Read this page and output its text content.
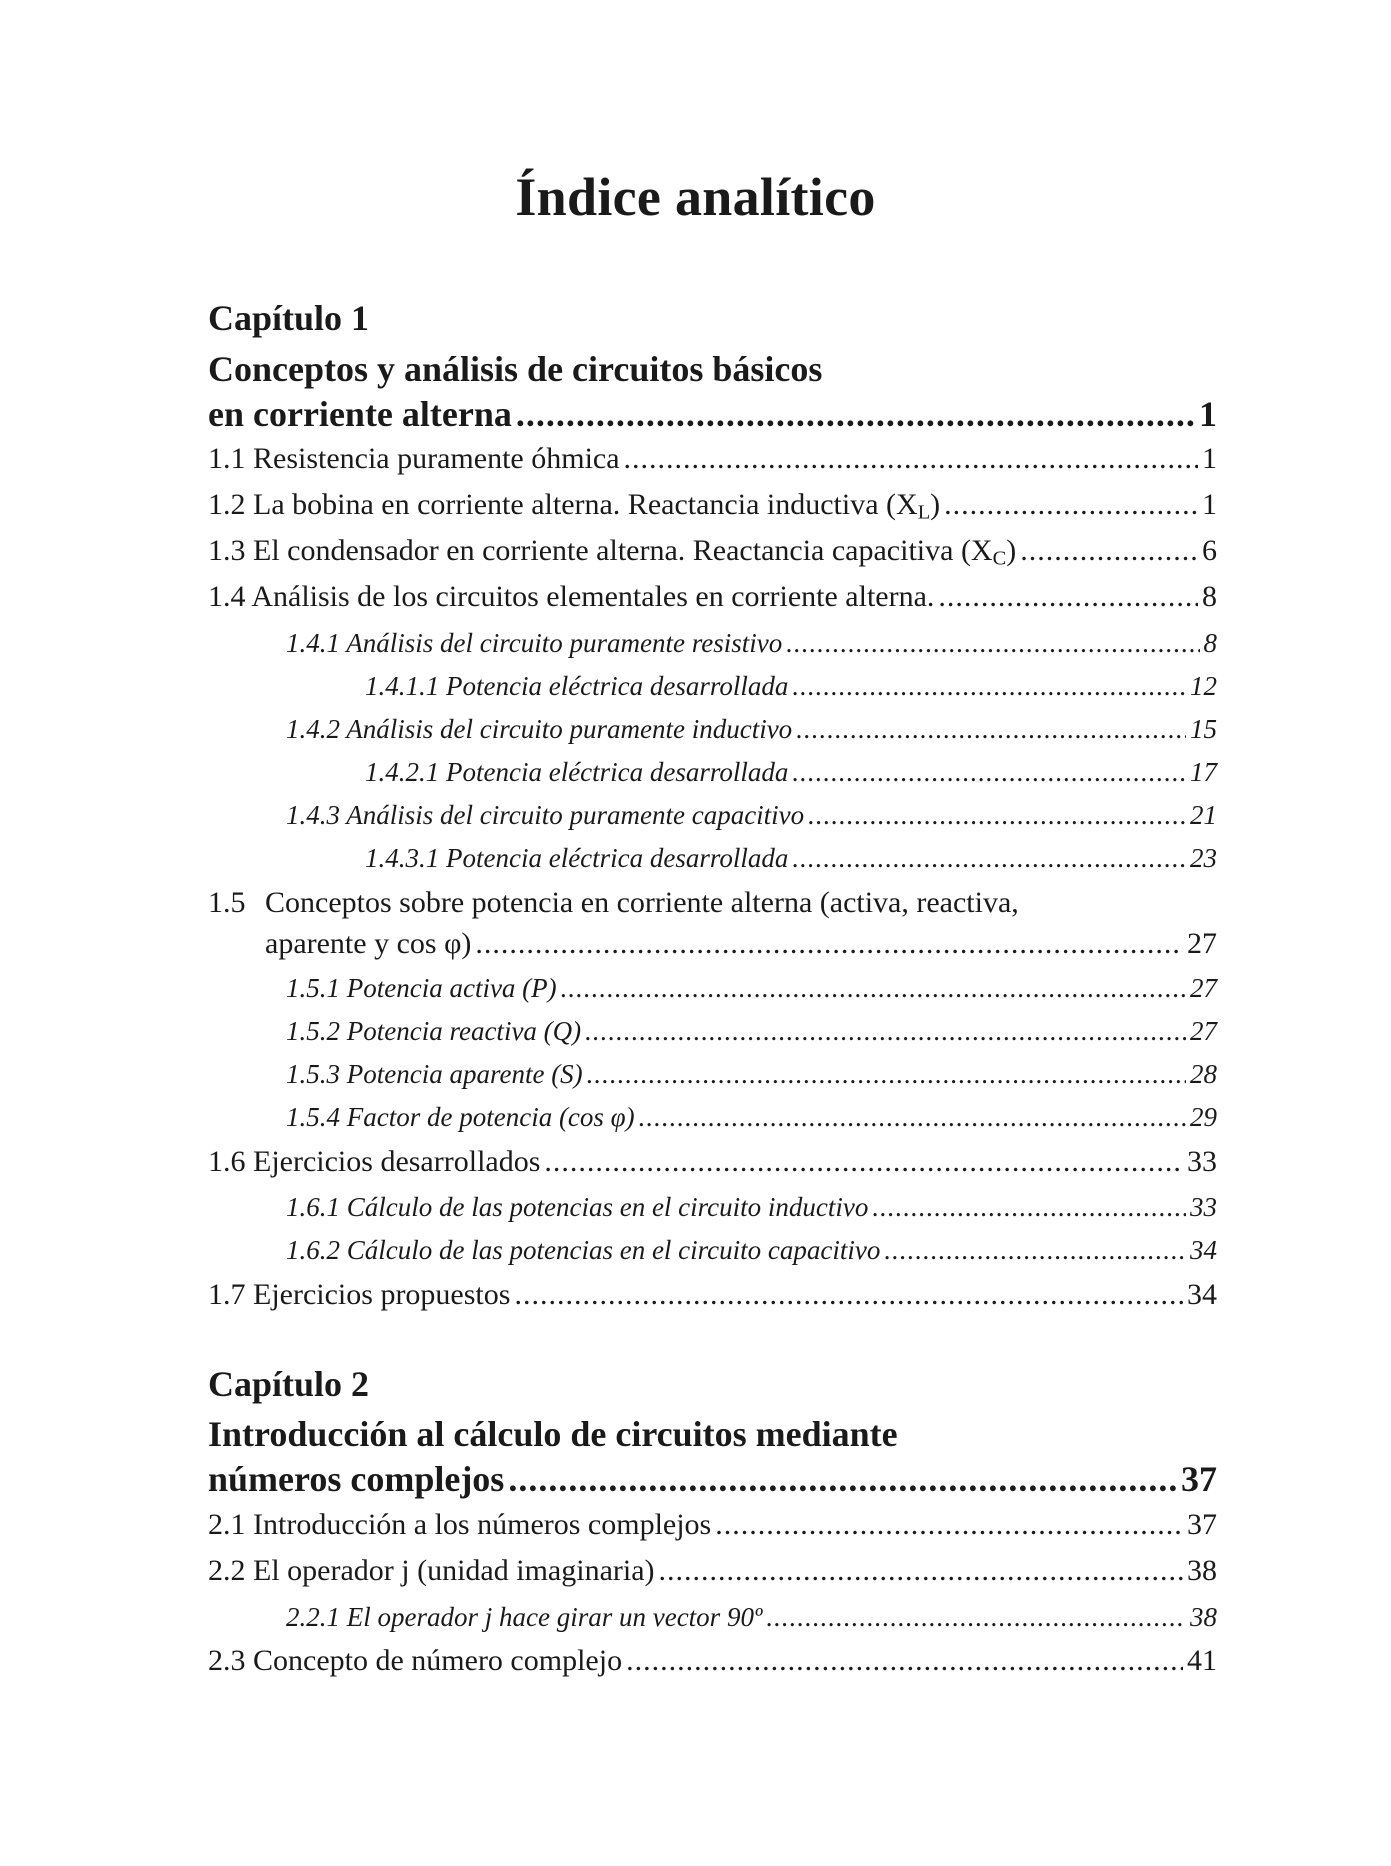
Índice analítico
Capítulo 1
Conceptos y análisis de circuitos básicos
en corriente alterna .....	1
1.1 Resistencia puramente óhmica .....	1
1.2 La bobina en corriente alterna. Reactancia inductiva $(X_L)$ .....	1
1.3 El condensador en corriente alterna. Reactancia capacitiva $(X_C)$ .....	6
1.4 Análisis de los circuitos elementales en corriente alterna. .....	8
1.4.1 Análisis del circuito puramente resistivo .....	8
1.4.1.1 Potencia eléctrica desarrollada .....	12
1.4.2 Análisis del circuito puramente inductivo .....	15
1.4.2.1 Potencia eléctrica desarrollada .....	17
1.4.3 Análisis del circuito puramente capacitivo .....	21
1.4.3.1 Potencia eléctrica desarrollada .....	23
1.5 Conceptos sobre potencia en corriente alterna (activa, reactiva,
aparente y cos φ) .....	27
1.5.1 Potencia activa (P) .....	27
1.5.2 Potencia reactiva (Q) .....	27
1.5.3 Potencia aparente (S) .....	28
1.5.4 Factor de potencia (cos φ) .....	29
1.6 Ejercicios desarrollados .....	33
1.6.1 Cálculo de las potencias en el circuito inductivo .....	33
1.6.2 Cálculo de las potencias en el circuito capacitivo .....	34
1.7 Ejercicios propuestos .....	34
Capítulo 2
Introducción al cálculo de circuitos mediante
números complejos .....	37
2.1 Introducción a los números complejos .....	37
2.2 El operador j (unidad imaginaria) .....	38
2.2.1 El operador j hace girar un vector 90º .....	38
2.3 Concepto de número complejo .....	41
